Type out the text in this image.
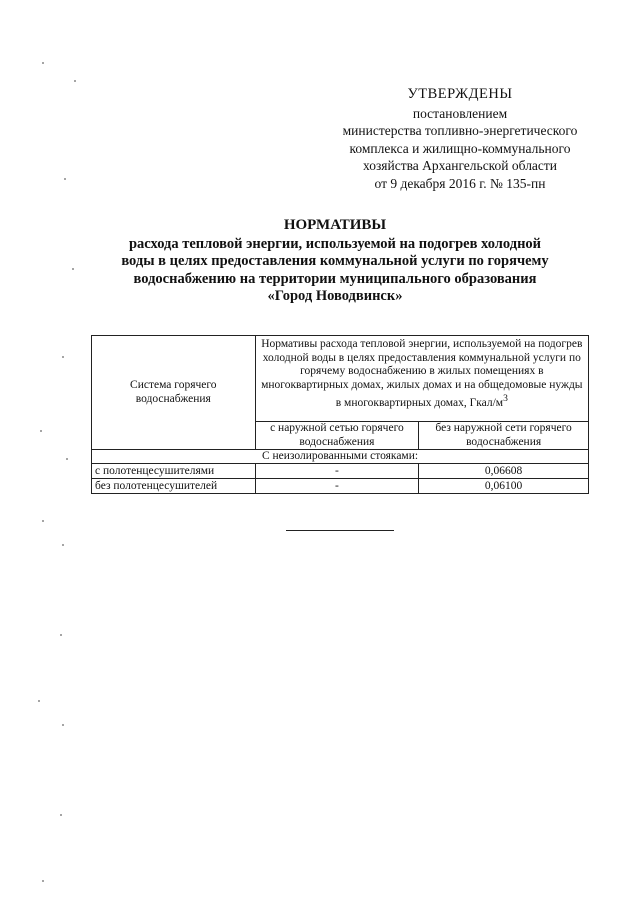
УТВЕРЖДЕНЫ
постановлением
министерства топливно-энергетического
комплекса и жилищно-коммунального
хозяйства Архангельской области
от 9 декабря 2016 г. № 135-пн
НОРМАТИВЫ
расхода тепловой энергии, используемой на подогрев холодной
воды в целях предоставления коммунальной услуги по горячему
водоснабжению на территории муниципального образования
«Город Новодвинск»
Система горячего водоснабжения	Нормативы расхода тепловой энергии, используемой на подогрев холодной воды в целях предоставления коммунальной услуги по горячему водоснабжению в жилых помещениях в многоквартирных домах, жилых домах и на общедомовые нужды в многоквартирных домах, Гкал/$м^3$
	с наружной сетью горячего водоснабжения	без наружной сети горячего водоснабжения
С неизолированными стояками:		
с полотенцесушителями	-	0,06608
без полотенцесушителей	-	0,06100
